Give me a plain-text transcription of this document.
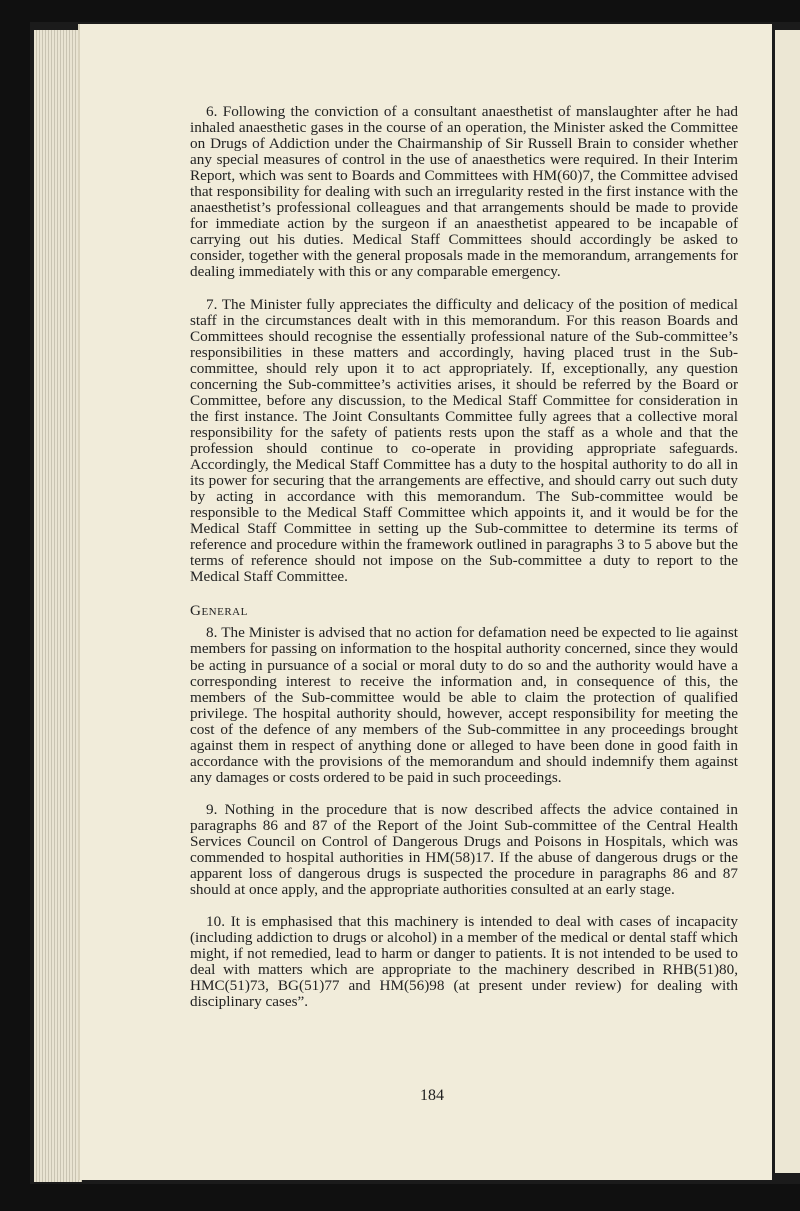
6. Following the conviction of a consultant anaesthetist of manslaughter after he had inhaled anaesthetic gases in the course of an operation, the Minister asked the Committee on Drugs of Addiction under the Chairmanship of Sir Russell Brain to consider whether any special measures of control in the use of anaesthetics were required. In their Interim Report, which was sent to Boards and Committees with HM(60)7, the Committee advised that responsibility for dealing with such an irregularity rested in the first instance with the anaesthetist’s professional colleagues and that arrangements should be made to provide for immediate action by the surgeon if an anaesthetist appeared to be incapable of carrying out his duties. Medical Staff Committees should accordingly be asked to consider, together with the general proposals made in the memorandum, arrangements for dealing immediately with this or any comparable emergency.

7. The Minister fully appreciates the difficulty and delicacy of the position of medical staff in the circumstances dealt with in this memorandum. For this reason Boards and Committees should recognise the essentially professional nature of the Sub-committee’s responsibilities in these matters and accordingly, having placed trust in the Sub-committee, should rely upon it to act appropriately. If, exceptionally, any question concerning the Sub-committee’s activities arises, it should be referred by the Board or Committee, before any discussion, to the Medical Staff Committee for consideration in the first instance. The Joint Consultants Committee fully agrees that a collective moral responsibility for the safety of patients rests upon the staff as a whole and that the profession should continue to co-operate in providing appropriate safeguards. Accordingly, the Medical Staff Committee has a duty to the hospital authority to do all in its power for securing that the arrangements are effective, and should carry out such duty by acting in accordance with this memorandum. The Sub-committee would be responsible to the Medical Staff Committee which appoints it, and it would be for the Medical Staff Committee in setting up the Sub-committee to determine its terms of reference and procedure within the framework outlined in paragraphs 3 to 5 above but the terms of reference should not impose on the Sub-committee a duty to report to the Medical Staff Committee.

General

8. The Minister is advised that no action for defamation need be expected to lie against members for passing on information to the hospital authority concerned, since they would be acting in pursuance of a social or moral duty to do so and the authority would have a corresponding interest to receive the information and, in consequence of this, the members of the Sub-committee would be able to claim the protection of qualified privilege. The hospital authority should, however, accept responsibility for meeting the cost of the defence of any members of the Sub-committee in any proceedings brought against them in respect of anything done or alleged to have been done in good faith in accordance with the provisions of the memorandum and should indemnify them against any damages or costs ordered to be paid in such proceedings.

9. Nothing in the procedure that is now described affects the advice contained in paragraphs 86 and 87 of the Report of the Joint Sub-committee of the Central Health Services Council on Control of Dangerous Drugs and Poisons in Hospitals, which was commended to hospital authorities in HM(58)17. If the abuse of dangerous drugs or the apparent loss of dangerous drugs is suspected the procedure in paragraphs 86 and 87 should at once apply, and the appropriate authorities consulted at an early stage.

10. It is emphasised that this machinery is intended to deal with cases of incapacity (including addiction to drugs or alcohol) in a member of the medical or dental staff which might, if not remedied, lead to harm or danger to patients. It is not intended to be used to deal with matters which are appropriate to the machinery described in RHB(51)80, HMC(51)73, BG(51)77 and HM(56)98 (at present under review) for dealing with disciplinary cases”.

184
